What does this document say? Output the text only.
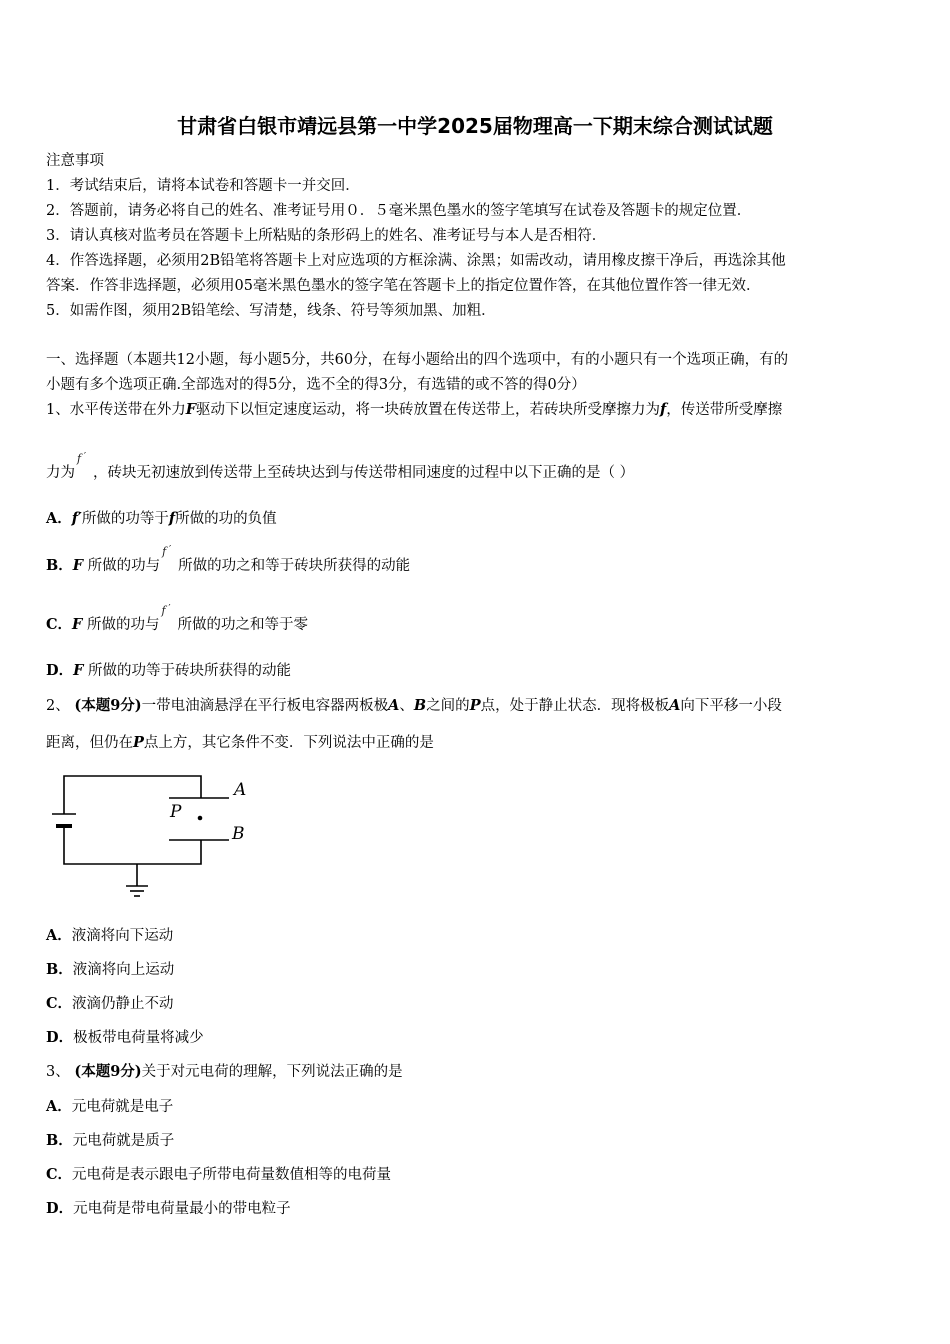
甘肃省白银市靖远县第一中学2025届物理高一下期末综合测试试题
注意事项
1．考试结束后，请将本试卷和答题卡一并交回．
2．答题前，请务必将自己的姓名、准考证号用０．５毫米黑色墨水的签字笔填写在试卷及答题卡的规定位置．
3．请认真核对监考员在答题卡上所粘贴的条形码上的姓名、准考证号与本人是否相符．
4．作答选择题，必须用2B铅笔将答题卡上对应选项的方框涂满、涂黑；如需改动，请用橡皮擦干净后，再选涂其他
答案．作答非选择题，必须用05毫米黑色墨水的签字笔在答题卡上的指定位置作答，在其他位置作答一律无效．
5．如需作图，须用2B铅笔绘、写清楚，线条、符号等须加黑、加粗．
一、选择题（本题共12小题，每小题5分，共60分，在每小题给出的四个选项中，有的小题只有一个选项正确，有的
小题有多个选项正确.全部选对的得5分，选不全的得3分，有选错的或不答的得0分）
1、水平传送带在外力F驱动下以恒定速度运动，将一块砖放置在传送带上，若砖块所受摩擦力为f，传送带所受摩擦
力为
f ′
，砖块无初速放到传送带上至砖块达到与传送带相同速度的过程中以下正确的是（ ）
A．f′所做的功等于f所做的功的负值
B．F 所做的功与
f ′
所做的功之和等于砖块所获得的动能
C．F 所做的功与
f ′
所做的功之和等于零
D．F 所做的功等于砖块所获得的动能
2、 (本题9分)一带电油滴悬浮在平行板电容器两板极A、B之间的P点，处于静止状态．现将极板A向下平移一小段
距离，但仍在P点上方，其它条件不变．下列说法中正确的是
A
B
P
A．液滴将向下运动
B．液滴将向上运动
C．液滴仍静止不动
D．极板带电荷量将减少
3、 (本题9分)关于对元电荷的理解，下列说法正确的是
A．元电荷就是电子
B．元电荷就是质子
C．元电荷是表示跟电子所带电荷量数值相等的电荷量
D．元电荷是带电荷量最小的带电粒子
